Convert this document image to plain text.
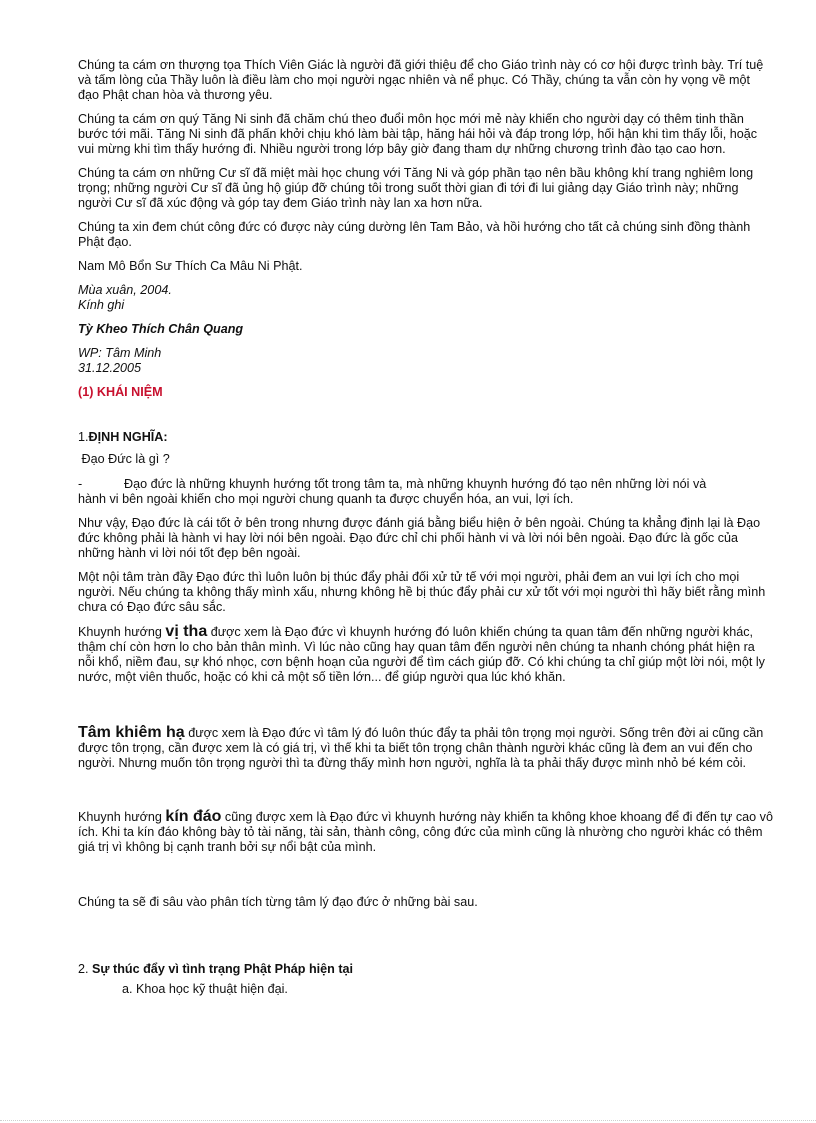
Chúng ta cám ơn thượng tọa Thích Viên Giác là người đã giới thiệu để cho Giáo trình này có cơ hội được trình bày. Trí tuệ và tấm lòng của Thầy luôn là điều làm cho mọi người ngạc nhiên và nể phục. Có Thầy, chúng ta vẫn còn hy vọng về một đạo Phật chan hòa và thương yêu.

Chúng ta cám ơn quý Tăng Ni sinh đã chăm chú theo đuổi môn học mới mẻ này khiến cho người dạy có thêm tinh thần bước tới mãi. Tăng Ni sinh đã phấn khởi chịu khó làm bài tập, hăng hái hỏi và đáp trong lớp, hối hận khi tìm thấy lỗi, hoặc vui mừng khi tìm thấy hướng đi. Nhiều người trong lớp bây giờ đang tham dự những chương trình đào tạo cao hơn.

Chúng ta cám ơn những Cư sĩ đã miệt mài học chung với Tăng Ni và góp phần tạo nên bầu không khí trang nghiêm long trọng; những người Cư sĩ đã ủng hộ giúp đỡ chúng tôi trong suốt thời gian đi tới đi lui giảng dạy Giáo trình này; những người Cư sĩ đã xúc động và góp tay đem Giáo trình này lan xa hơn nữa.

Chúng ta xin đem chút công đức có được này cúng dường lên Tam Bảo, và hồi hướng cho tất cả chúng sinh đồng thành Phật đạo.

Nam Mô Bổn Sư Thích Ca Mâu Ni Phật.

Mùa xuân, 2004.

Kính ghi

Tỳ Kheo Thích Chân Quang

WP: Tâm Minh

31.12.2005

(1) KHÁI NIỆM

1.ĐỊNH NGHĨA:

Đạo Đức là gì ?

-	Đạo đức là những khuynh hướng tốt trong tâm ta, mà những khuynh hướng đó tạo nên những lời nói và

hành vi bên ngoài khiến cho mọi người chung quanh ta được chuyển hóa, an vui, lợi ích.

Như vậy, Đạo đức là cái tốt ở bên trong nhưng được đánh giá bằng biểu hiện ở bên ngoài. Chúng ta khẳng định lại là Đạo đức không phải là hành vi hay lời nói bên ngoài. Đạo đức chỉ chi phối hành vi và lời nói bên ngoài. Đạo đức là gốc của những hành vi lời nói tốt đẹp bên ngoài.

Một nội tâm tràn đầy Đạo đức thì luôn luôn bị thúc đẩy phải đối xử tử tế với mọi người, phải đem an vui lợi ích cho mọi người. Nếu chúng ta không thấy mình xấu, nhưng không hề bị thúc đẩy phải cư xử tốt với mọi người thì hãy biết rằng mình chưa có Đạo đức sâu sắc.

Khuynh hướng vị tha được xem là Đạo đức vì khuynh hướng đó luôn khiến chúng ta quan tâm đến những người khác, thậm chí còn hơn lo cho bản thân mình. Vì lúc nào cũng hay quan tâm đến người nên chúng ta nhanh chóng phát hiện ra nỗi khổ, niềm đau, sự khó nhọc, cơn bệnh hoạn của người để tìm cách giúp đỡ. Có khi chúng ta chỉ giúp một lời nói, một ly nước, một viên thuốc, hoặc có khi cả một số tiền lớn... để giúp người qua lúc khó khăn.

Tâm khiêm hạ được xem là Đạo đức vì tâm lý đó luôn thúc đẩy ta phải tôn trọng mọi người. Sống trên đời ai cũng cần được tôn trọng, cần được xem là có giá trị, vì thế khi ta biết tôn trọng chân thành người khác cũng là đem an vui đến cho người. Nhưng muốn tôn trọng người thì ta đừng thấy mình hơn người, nghĩa là ta phải thấy được mình nhỏ bé kém cỏi.

Khuynh hướng kín đáo cũng được xem là Đạo đức vì khuynh hướng này khiến ta không khoe khoang để đi đến tự cao vô ích. Khi ta kín đáo không bày tỏ tài năng, tài sản, thành công, công đức của mình cũng là nhường cho người khác có thêm giá trị vì không bị cạnh tranh bởi sự nổi bật của mình.

Chúng ta sẽ đi sâu vào phân tích từng tâm lý đạo đức ở những bài sau.

2. Sự thúc đẩy vì tình trạng Phật Pháp hiện tại

a. Khoa học kỹ thuật hiện đại.
